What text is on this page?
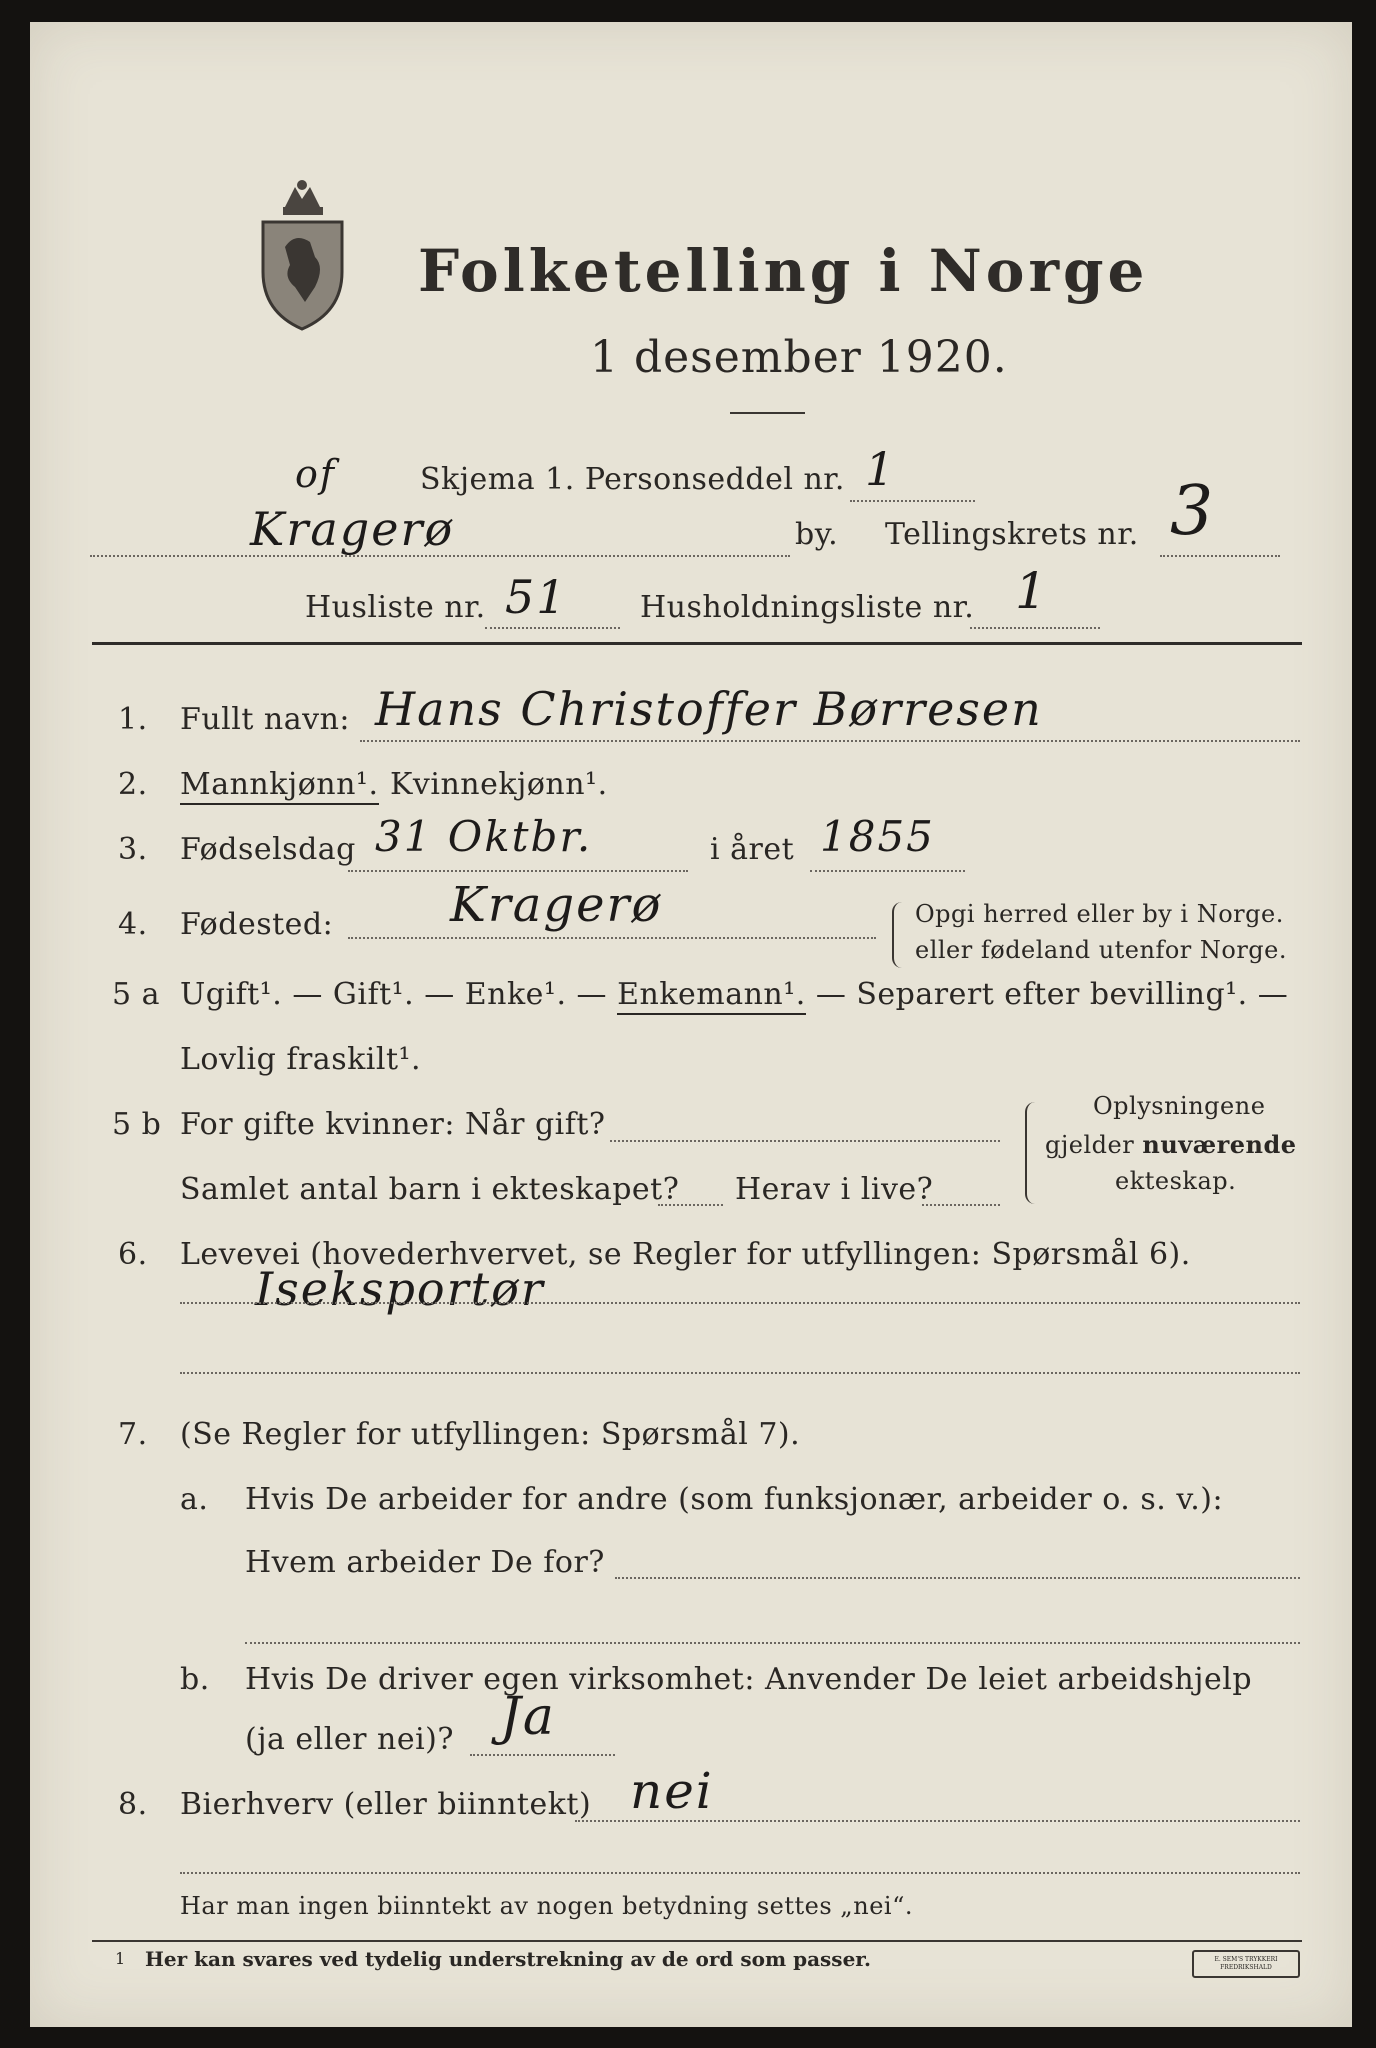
Folketelling i Norge
1 desember 1920.
of	Skjema 1. Personseddel nr. 1
Kragerø	by. Tellingskrets nr. 3
Husliste nr. 51 Husholdningsliste nr. 1
1. Fullt navn: Hans Christoffer Børresen
2. Mannkjønn¹. Kvinnekjønn¹.
3. Fødselsdag 31 Oktbr.	i året 1855
4. Fødested: Kragerø	Opgi herred eller by i Norge.
eller fødeland utenfor Norge.
5 a Ugift¹. — Gift¹. — Enke¹. — Enkemann¹. — Separert efter bevilling¹. —
Lovlig fraskilt¹.
5 b For gifte kvinner: Når gift?
Samlet antal barn i ekteskapet? Herav i live?
Oplysningene
gjelder nuværende
ekteskap.
6. Levevei (hovederhvervet, se Regler for utfyllingen: Spørsmål 6).
Iseksportør
7. (Se Regler for utfyllingen: Spørsmål 7).
a. Hvis De arbeider for andre (som funksjonær, arbeider o. s. v.):
Hvem arbeider De for?
b. Hvis De driver egen virksomhet: Anvender De leiet arbeidshjelp
(ja eller nei)? Ja
8. Bierhverv (eller biinntekt) nei
Har man ingen biinntekt av nogen betydning settes „nei“.
1 Her kan svares ved tydelig understrekning av de ord som passer.	E. SEM'S TRYKKERI FREDRIKSHALD
